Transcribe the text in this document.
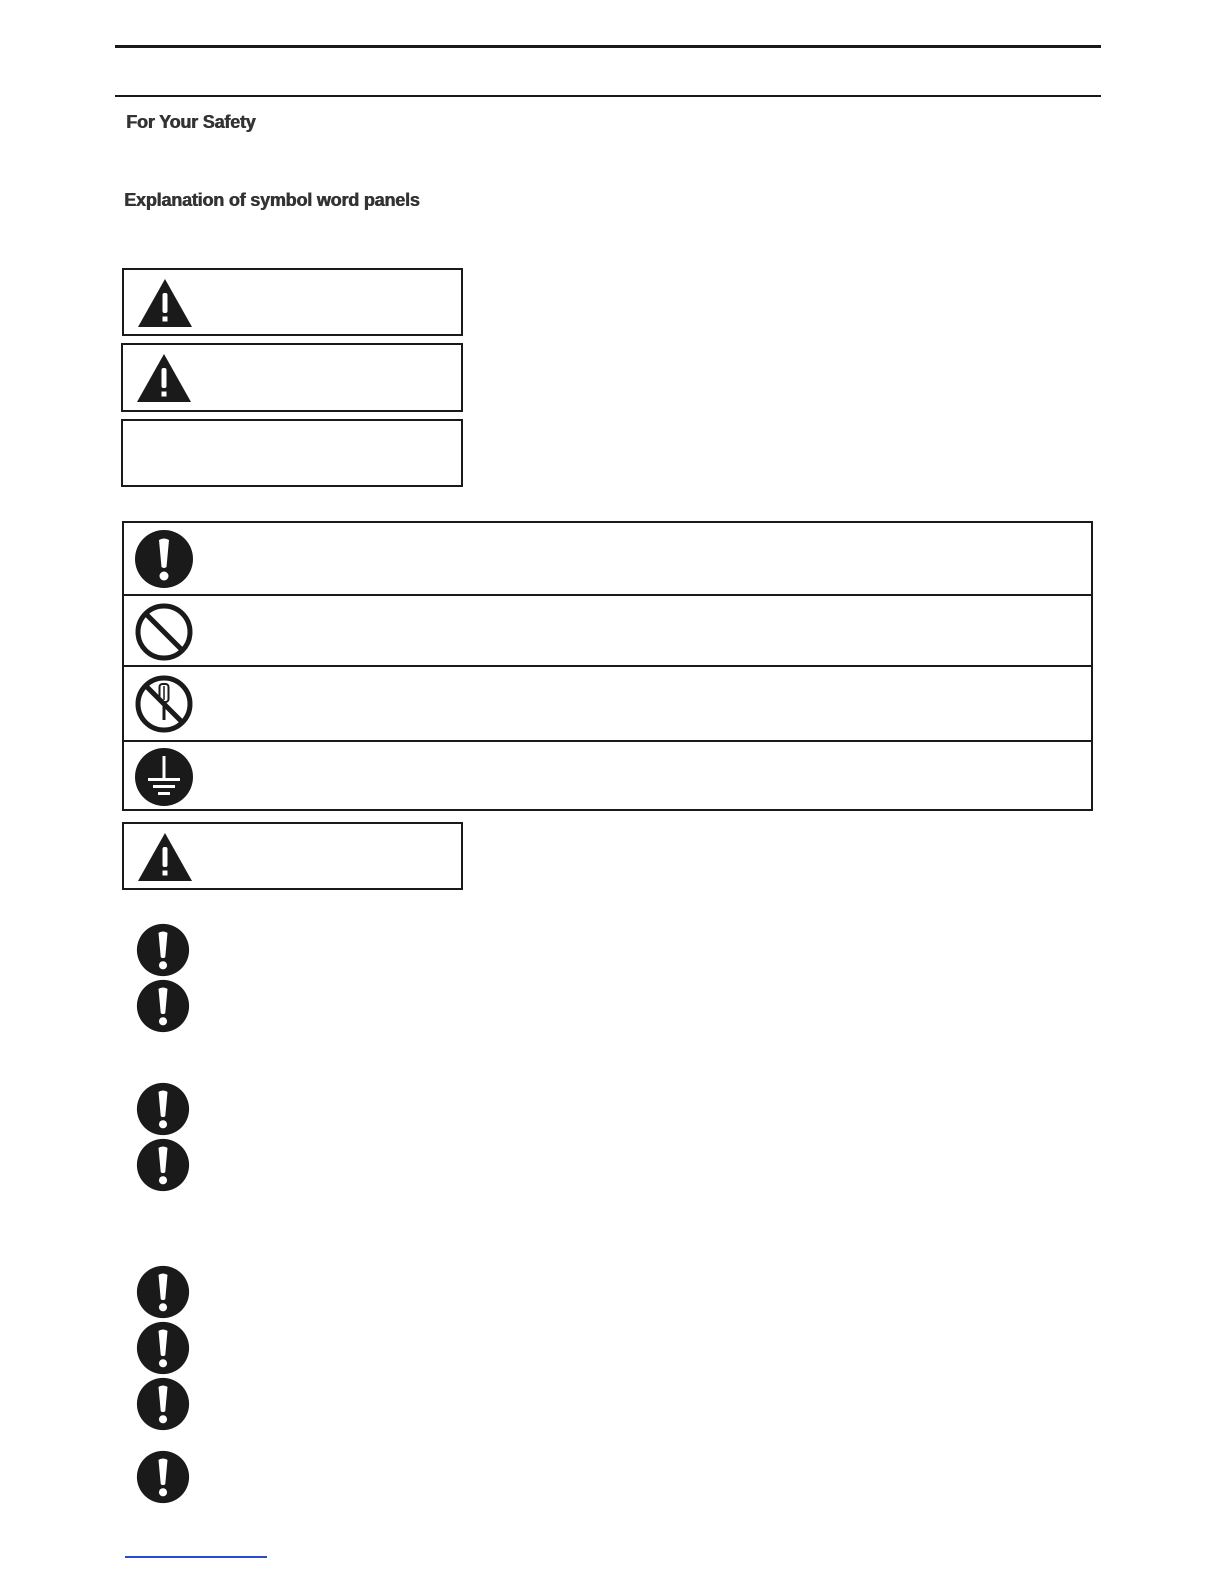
For Your Safety
Explanation of symbol word panels
